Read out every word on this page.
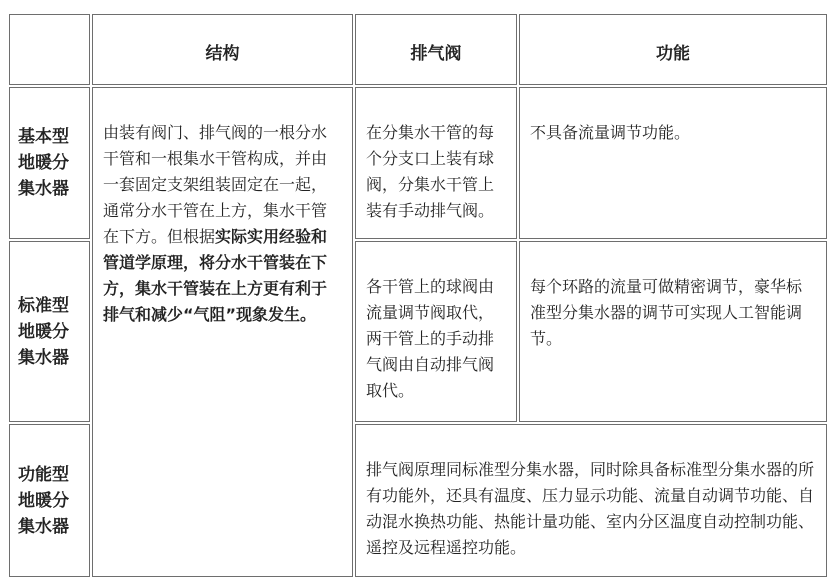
结构	排气阀	功能
基本型
地暖分
集水器
标准型
地暖分
集水器
功能型
地暖分
集水器
由装有阀门、排气阀的一根分水干管和一根集水干管构成，并由一套固定支架组装固定在一起，通常分水干管在上方，集水干管在下方。但根据实际实用经验和管道学原理，将分水干管装在下方，集水干管装在上方更有利于排气和减少“气阻”现象发生。
在分集水干管的每个分支口上装有球阀，分集水干管上装有手动排气阀。
不具备流量调节功能。
各干管上的球阀由流量调节阀取代，两干管上的手动排气阀由自动排气阀取代。
每个环路的流量可做精密调节，豪华标准型分集水器的调节可实现人工智能调节。
排气阀原理同标准型分集水器，同时除具备标准型分集水器的所有功能外，还具有温度、压力显示功能、流量自动调节功能、自动混水换热功能、热能计量功能、室内分区温度自动控制功能、遥控及远程遥控功能。
